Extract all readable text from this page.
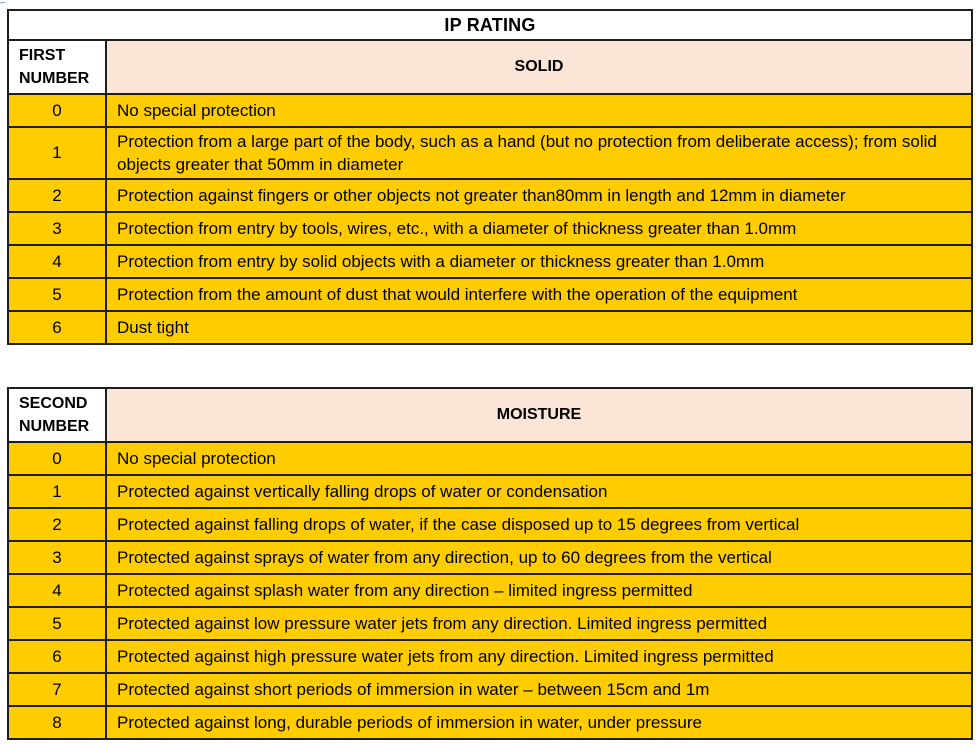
⌐
IP RATING	
FIRST NUMBER	SOLID
0	No special protection
1	Protection from a large part of the body, such as a hand (but no protection from deliberate access); from solid objects greater that 50mm in diameter
2	Protection against fingers or other objects not greater than80mm in length and 12mm in diameter
3	Protection from entry by tools, wires, etc., with a diameter of thickness greater than 1.0mm
4	Protection from entry by solid objects with a diameter or thickness greater than 1.0mm
5	Protection from the amount of dust that would interfere with the operation of the equipment
6	Dust tight
SECOND NUMBER	MOISTURE
0	No special protection
1	Protected against vertically falling drops of water or condensation
2	Protected against falling drops of water, if the case disposed up to 15 degrees from vertical
3	Protected against sprays of water from any direction, up to 60 degrees from the vertical
4	Protected against splash water from any direction – limited ingress permitted
5	Protected against low pressure water jets from any direction. Limited ingress permitted
6	Protected against high pressure water jets from any direction. Limited ingress permitted
7	Protected against short periods of immersion in water – between 15cm and 1m
8	Protected against long, durable periods of immersion in water, under pressure
